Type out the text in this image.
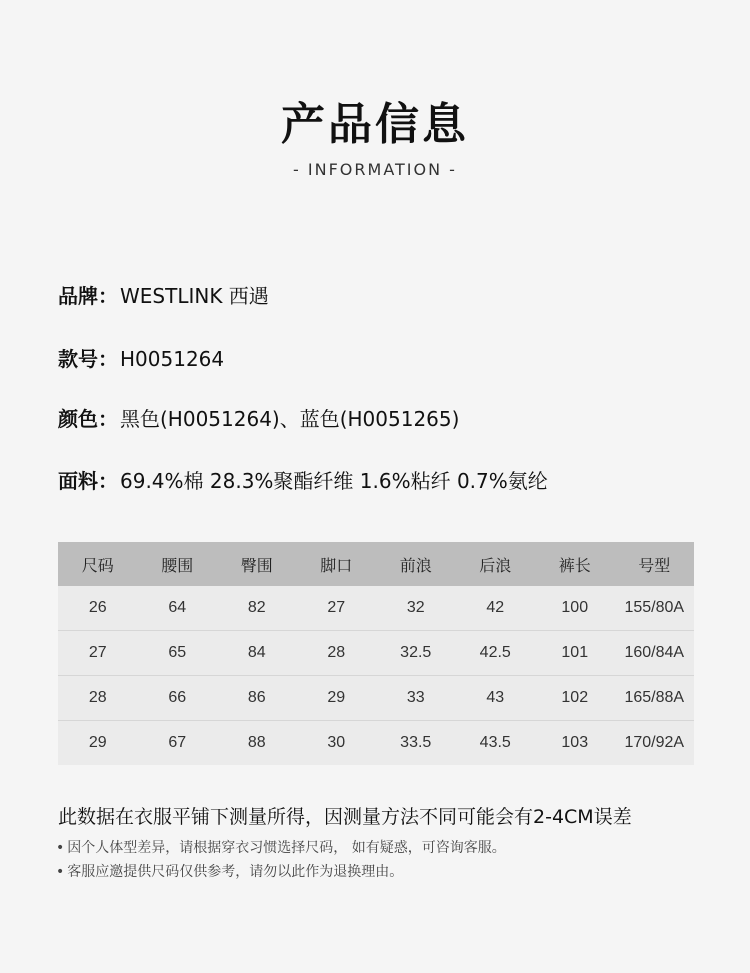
产品信息
- INFORMATION -
品牌： WESTLINK 西遇
款号： H0051264
颜色： 黑色(H0051264)、蓝色(H0051265)
面料： 69.4%棉 28.3%聚酯纤维 1.6%粘纤 0.7%氨纶
尺码	腰围	臀围	脚口	前浪	后浪	裤长	号型
26	64	82	27	32	42	100	155/80A
27	65	84	28	32.5	42.5	101	160/84A
28	66	86	29	33	43	102	165/88A
29	67	88	30	33.5	43.5	103	170/92A
此数据在衣服平铺下测量所得，因测量方法不同可能会有2-4CM误差
• 因个人体型差异，请根据穿衣习惯选择尺码， 如有疑惑，可咨询客服。
• 客服应邀提供尺码仅供参考，请勿以此作为退换理由。
